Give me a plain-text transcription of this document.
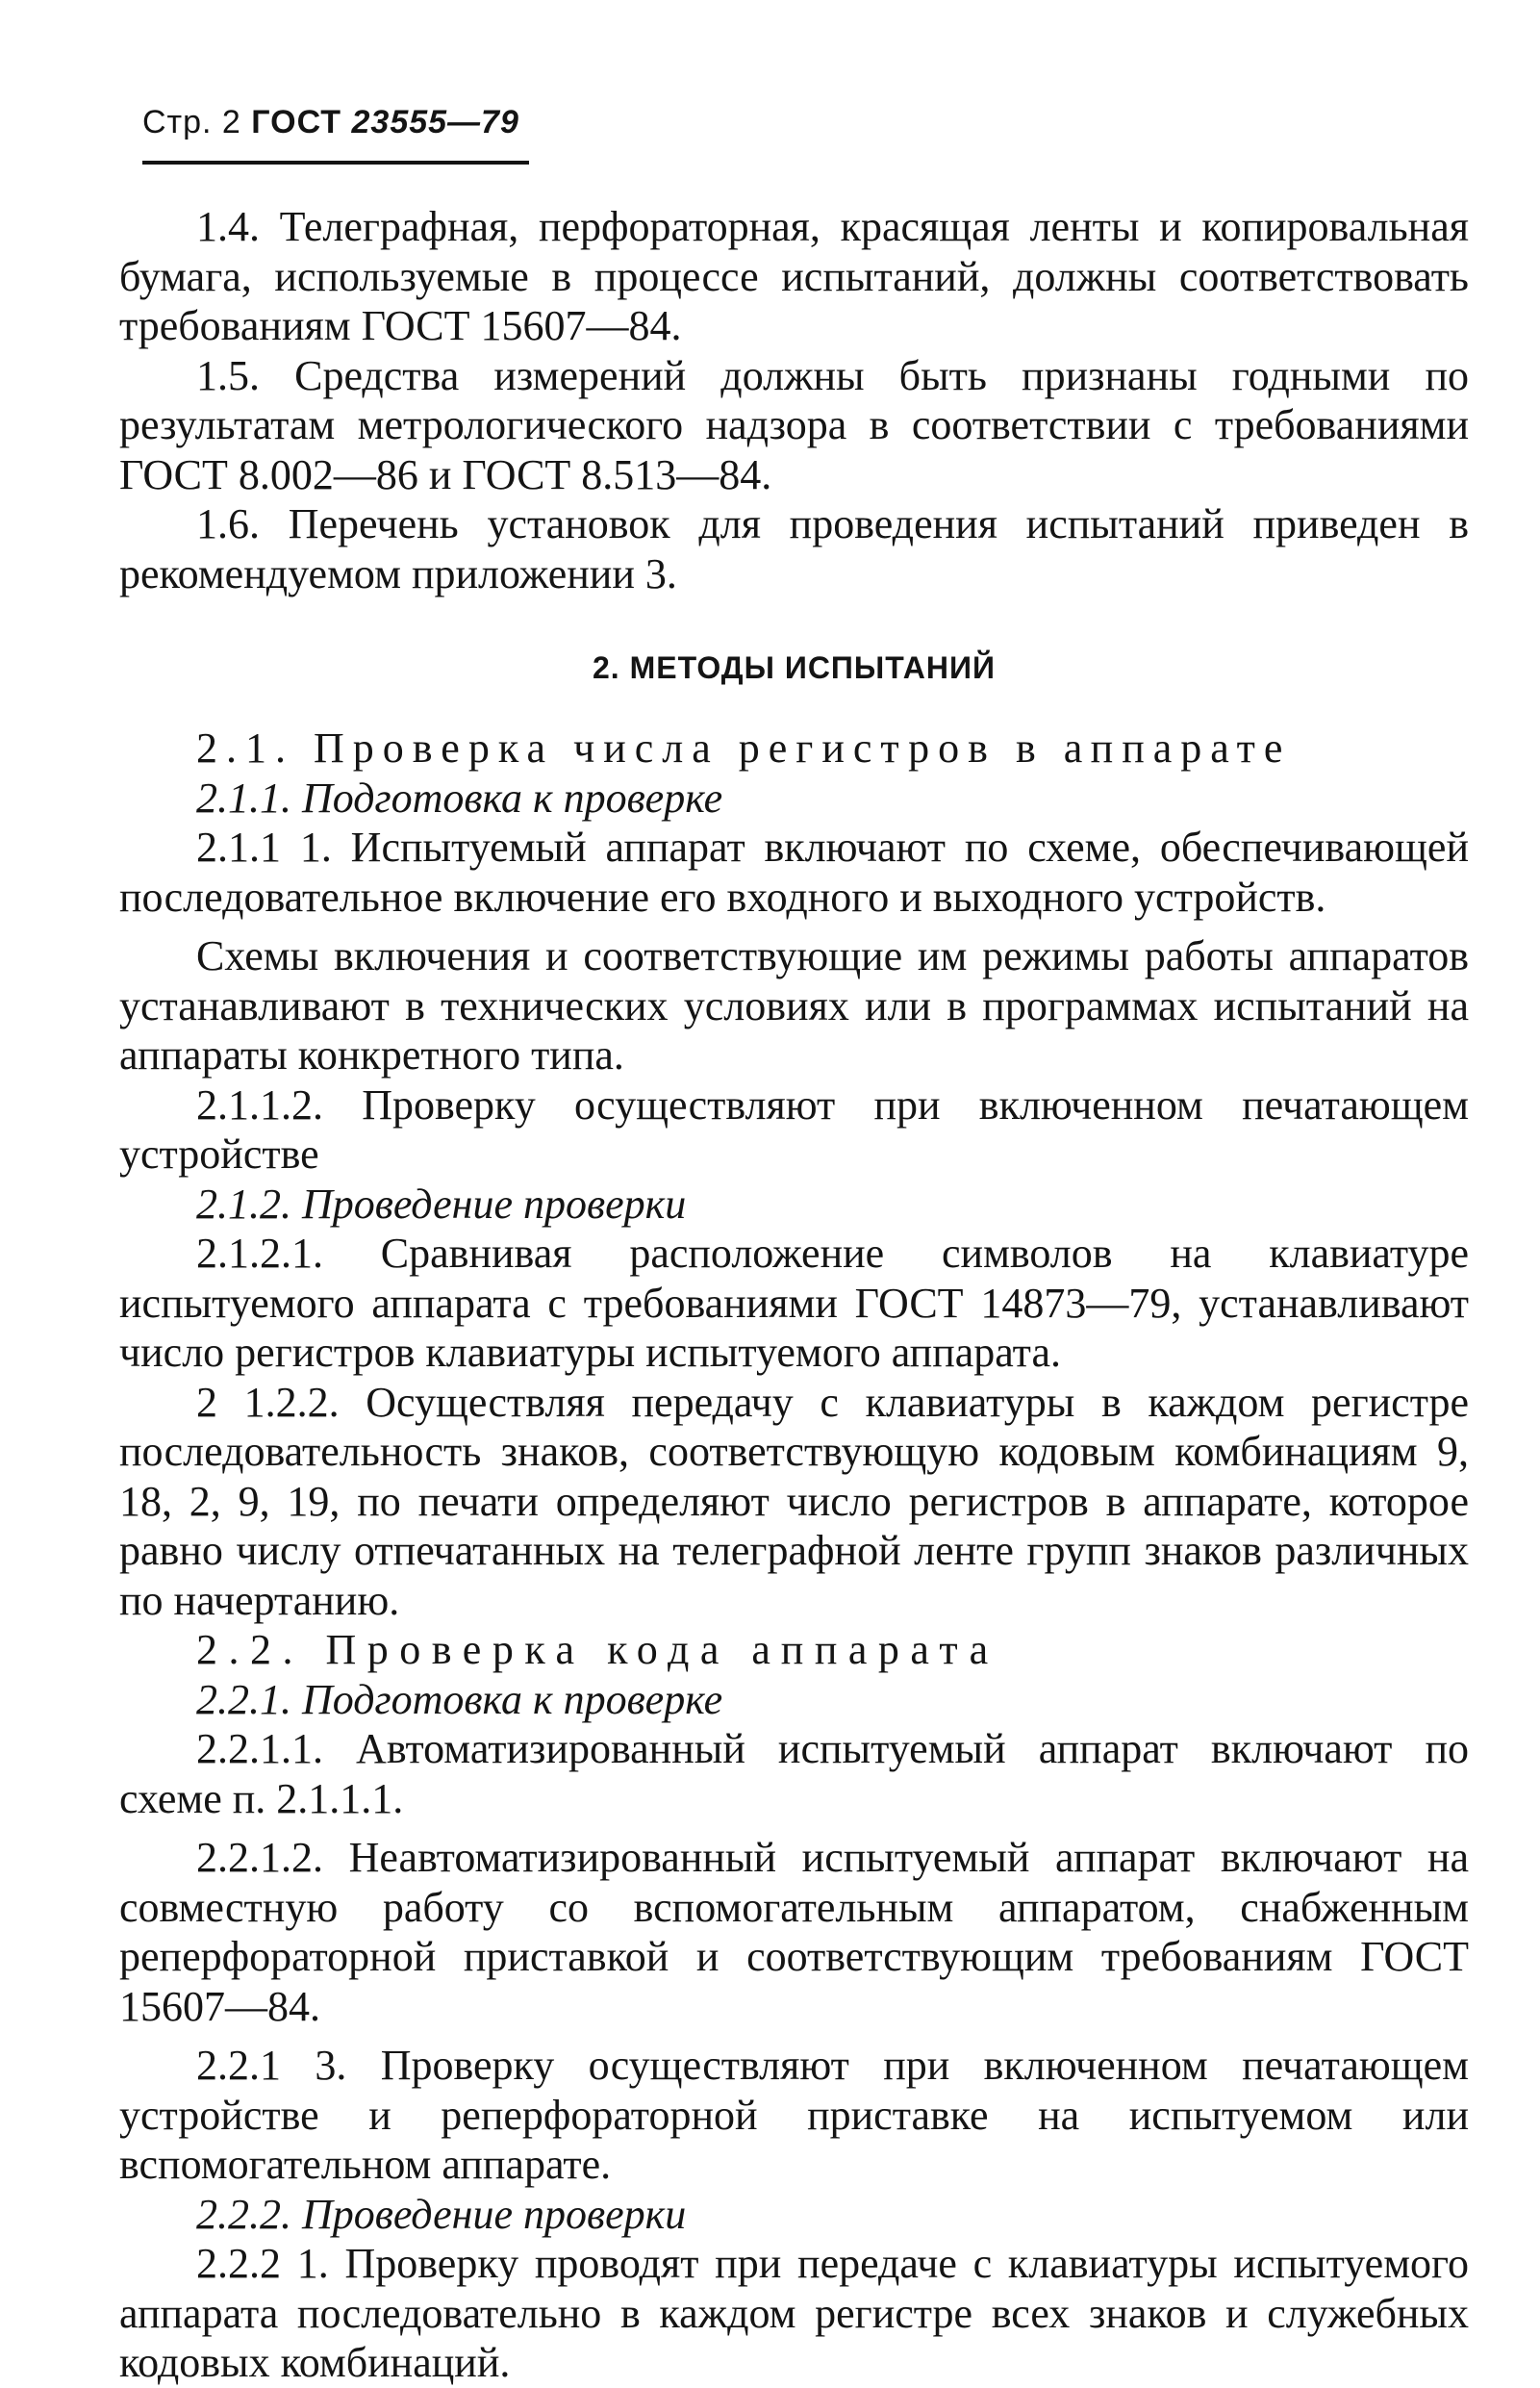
Стр. 2 ГОСТ 23555—79

1.4. Телеграфная, перфораторная, красящая ленты и копировальная бумага, используемые в процессе испытаний, должны соответствовать требованиям ГОСТ 15607—84.

1.5. Средства измерений должны быть признаны годными по результатам метрологического надзора в соответствии с требованиями ГОСТ 8.002—86 и ГОСТ 8.513—84.

1.6. Перечень установок для проведения испытаний приведен в рекомендуемом приложении 3.

2. МЕТОДЫ ИСПЫТАНИЙ

2.1. Проверка числа регистров в аппарате

2.1.1. Подготовка к проверке

2.1.1 1. Испытуемый аппарат включают по схеме, обеспечивающей последовательное включение его входного и выходного устройств.

Схемы включения и соответствующие им режимы работы аппаратов устанавливают в технических условиях или в программах испытаний на аппараты конкретного типа.

2.1.1.2. Проверку осуществляют при включенном печатающем устройстве

2.1.2. Проведение проверки

2.1.2.1. Сравнивая расположение символов на клавиатуре испытуемого аппарата с требованиями ГОСТ 14873—79, устанавливают число регистров клавиатуры испытуемого аппарата.

2 1.2.2. Осуществляя передачу с клавиатуры в каждом регистре последовательность знаков, соответствующую кодовым комбинациям 9, 18, 2, 9, 19, по печати определяют число регистров в аппарате, которое равно числу отпечатанных на телеграфной ленте групп знаков различных по начертанию.

2.2. Проверка кода аппарата

2.2.1. Подготовка к проверке

2.2.1.1. Автоматизированный испытуемый аппарат включают по схеме п. 2.1.1.1.

2.2.1.2. Неавтоматизированный испытуемый аппарат включают на совместную работу со вспомогательным аппаратом, снабженным реперфораторной приставкой и соответствующим требованиям ГОСТ 15607—84.

2.2.1 3. Проверку осуществляют при включенном печатающем устройстве и реперфораторной приставке на испытуемом или вспомогательном аппарате.

2.2.2. Проведение проверки

2.2.2 1. Проверку проводят при передаче с клавиатуры испытуемого аппарата последовательно в каждом регистре всех знаков и служебных кодовых комбинаций.
